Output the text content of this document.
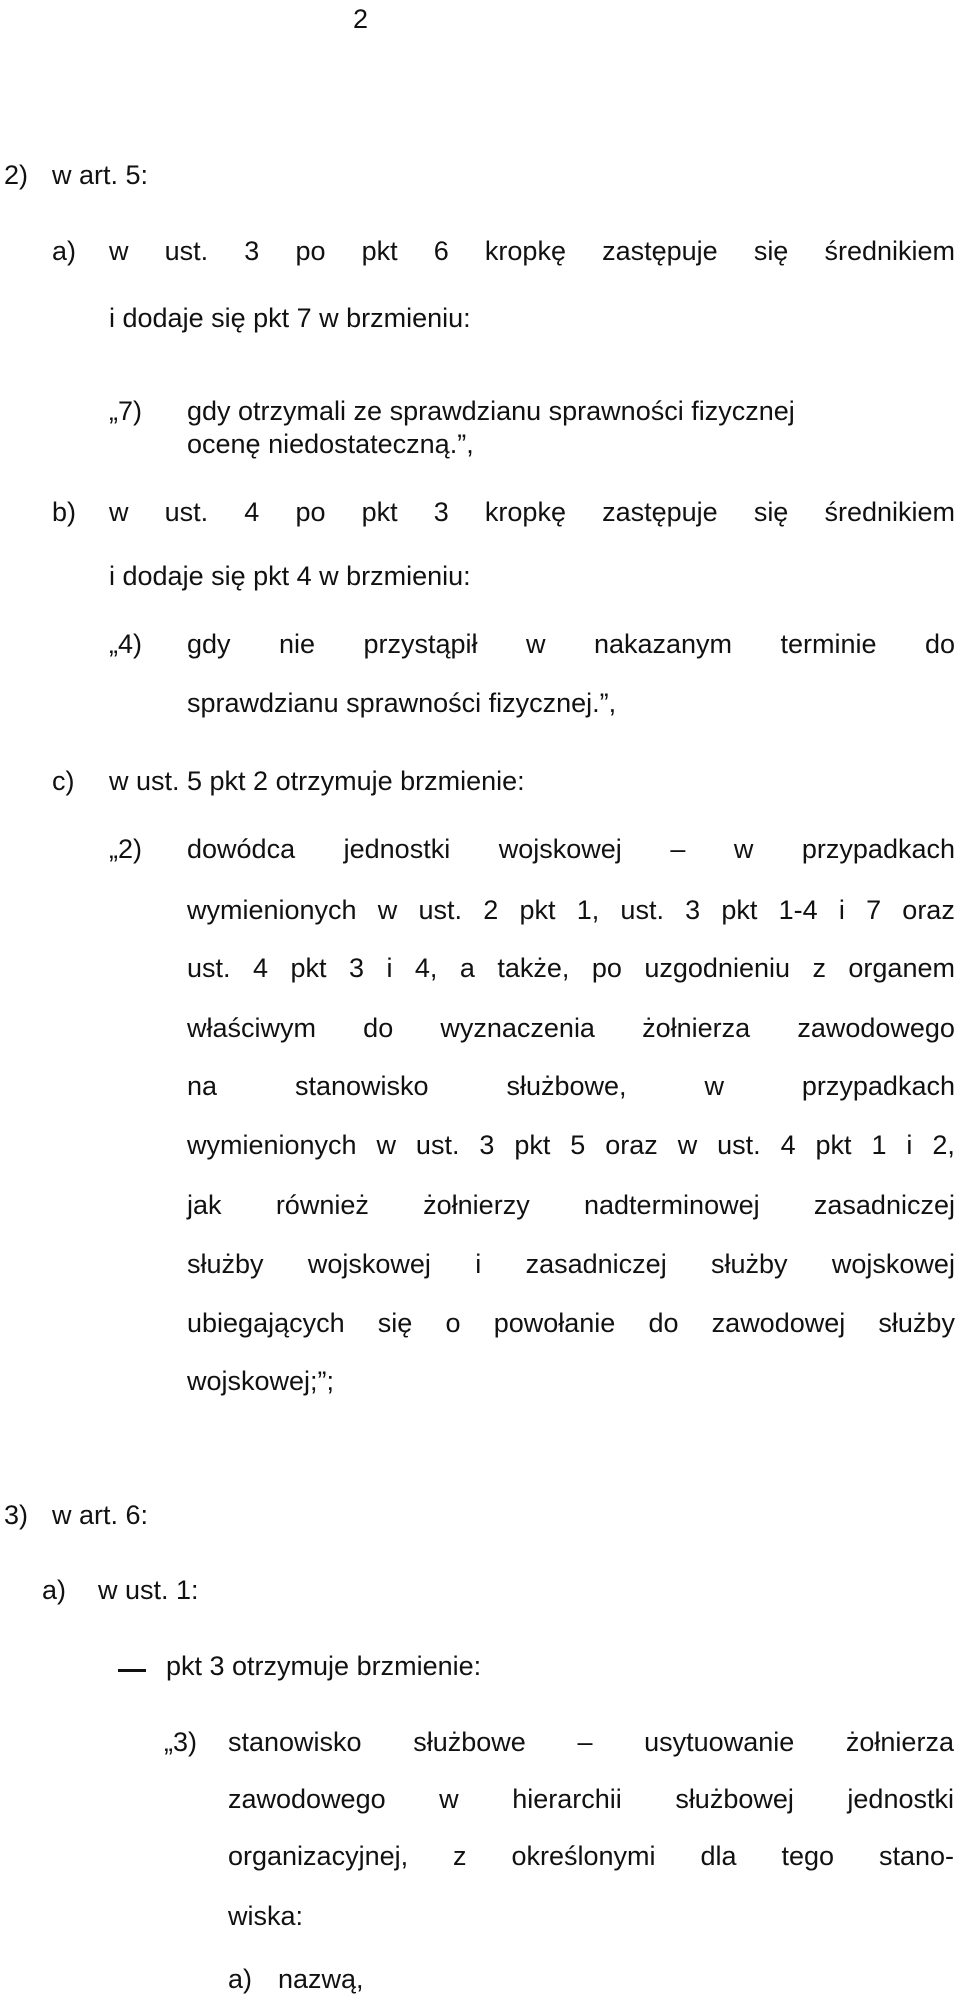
2
2) w art. 5:
a) w ust. 3 po pkt 6 kropkę zastępuje się średnikiem
i dodaje się pkt 7 w brzmieniu:
„7) gdy otrzymali ze sprawdzianu sprawności fizycznej
ocenę niedostateczną.”,
b) w ust. 4 po pkt 3 kropkę zastępuje się średnikiem
i dodaje się pkt 4 w brzmieniu:
„4) gdy nie przystąpił w nakazanym terminie do
sprawdzianu sprawności fizycznej.”,
c) w ust. 5 pkt 2 otrzymuje brzmienie:
„2) dowódca jednostki wojskowej – w przypadkach
wymienionych w ust. 2 pkt 1, ust. 3 pkt 1-4 i 7 oraz
ust. 4 pkt 3 i 4, a także, po uzgodnieniu z organem
właściwym do wyznaczenia żołnierza zawodowego
na	stanowisko	służbowe,	w	przypadkach
wymienionych w ust. 3 pkt 5 oraz w ust. 4 pkt 1 i 2,
jak również żołnierzy nadterminowej zasadniczej
służby wojskowej i zasadniczej służby wojskowej
ubiegających się o powołanie do zawodowej służby
wojskowej;”;
3) w art. 6:
a) w ust. 1:
pkt 3 otrzymuje brzmienie:
„3) stanowisko służbowe – usytuowanie żołnierza
zawodowego w hierarchii służbowej jednostki
organizacyjnej, z określonymi dla tego stano-
wiska:
a) nazwą,
